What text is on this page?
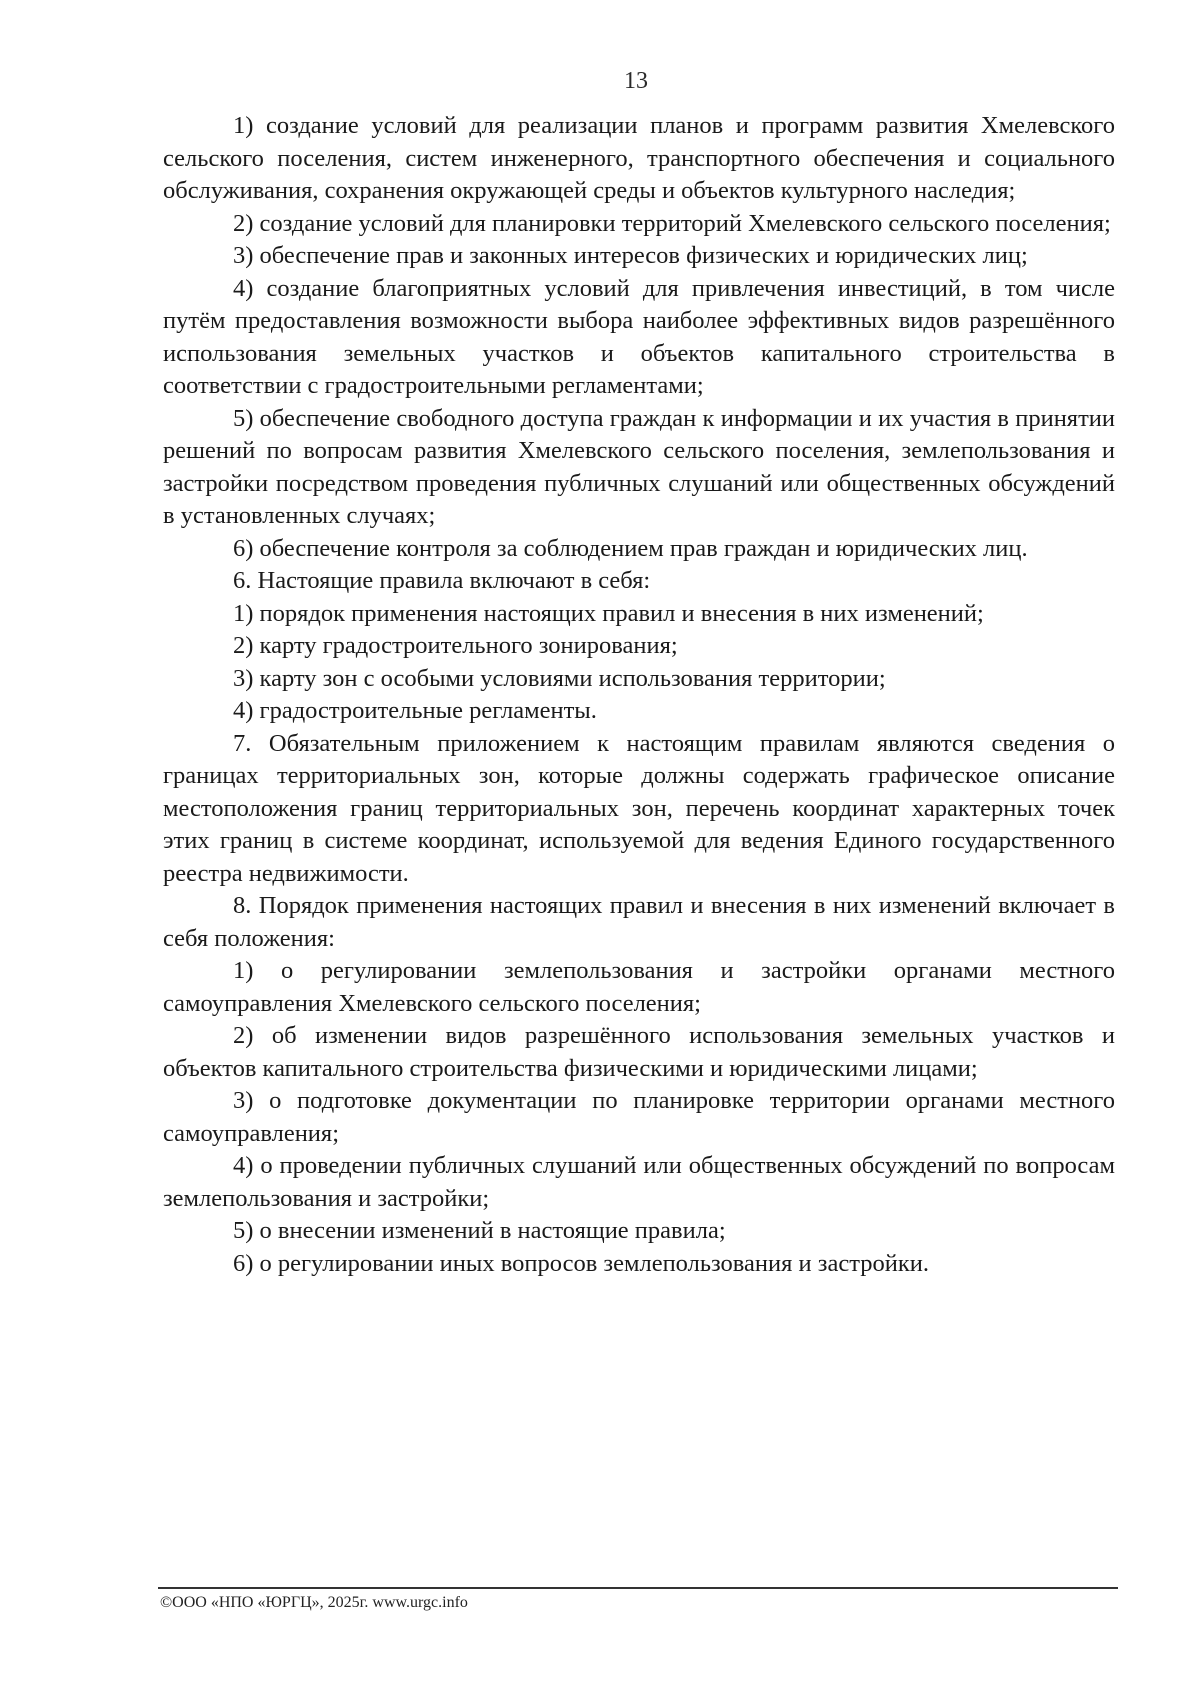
13

1) создание условий для реализации планов и программ развития Хмелевского сельского поселения, систем инженерного, транспортного обеспечения и социального обслуживания, сохранения окружающей среды и объектов культурного наследия;

2) создание условий для планировки территорий Хмелевского сельского поселения;

3) обеспечение прав и законных интересов физических и юридических лиц;

4) создание благоприятных условий для привлечения инвестиций, в том числе путём предоставления возможности выбора наиболее эффективных видов разрешённого использования земельных участков и объектов капитального строительства в соответствии с градостроительными регламентами;

5) обеспечение свободного доступа граждан к информации и их участия в принятии решений по вопросам развития Хмелевского сельского поселения, землепользования и застройки посредством проведения публичных слушаний или общественных обсуждений в установленных случаях;

6) обеспечение контроля за соблюдением прав граждан и юридических лиц.

6. Настоящие правила включают в себя:

1) порядок применения настоящих правил и внесения в них изменений;

2) карту градостроительного зонирования;

3) карту зон с особыми условиями использования территории;

4) градостроительные регламенты.

7. Обязательным приложением к настоящим правилам являются сведения о границах территориальных зон, которые должны содержать графическое описание местоположения границ территориальных зон, перечень координат характерных точек этих границ в системе координат, используемой для ведения Единого государственного реестра недвижимости.

8. Порядок применения настоящих правил и внесения в них изменений включает в себя положения:

1) о регулировании землепользования и застройки органами местного самоуправления Хмелевского сельского поселения;

2) об изменении видов разрешённого использования земельных участков и объектов капитального строительства физическими и юридическими лицами;

3) о подготовке документации по планировке территории органами местного самоуправления;

4) о проведении публичных слушаний или общественных обсуждений по вопросам землепользования и застройки;

5) о внесении изменений в настоящие правила;

6) о регулировании иных вопросов землепользования и застройки.

©ООО «НПО «ЮРГЦ», 2025г. www.urgc.info
